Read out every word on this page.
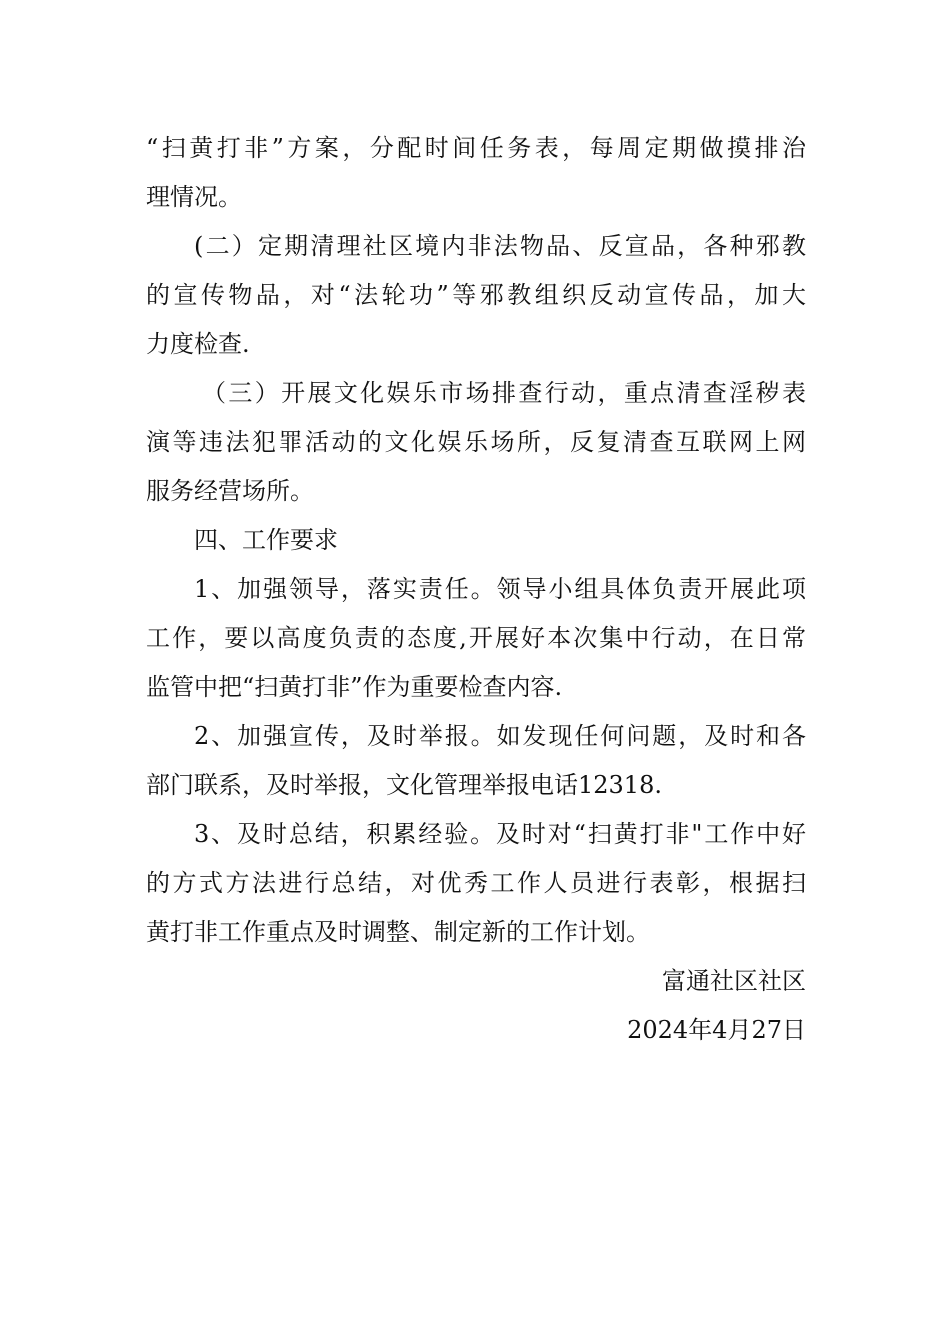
“扫黄打非”方案，分配时间任务表，每周定期做摸排治
理情况。
(二）定期清理社区境内非法物品、反宣品，各种邪教
的宣传物品，对“法轮功”等邪教组织反动宣传品，加大
力度检查.
（三）开展文化娱乐市场排查行动，重点清查淫秽表
演等违法犯罪活动的文化娱乐场所，反复清查互联网上网
服务经营场所。
四、工作要求
1、加强领导，落实责任。领导小组具体负责开展此项
工作，要以高度负责的态度,开展好本次集中行动，在日常
监管中把“扫黄打非”作为重要检查内容.
2、加强宣传，及时举报。如发现任何问题，及时和各
部门联系，及时举报，文化管理举报电话12318.
3、及时总结，积累经验。及时对“扫黄打非"工作中好
的方式方法进行总结，对优秀工作人员进行表彰，根据扫
黄打非工作重点及时调整、制定新的工作计划。
富通社区社区
2024年4月27日
